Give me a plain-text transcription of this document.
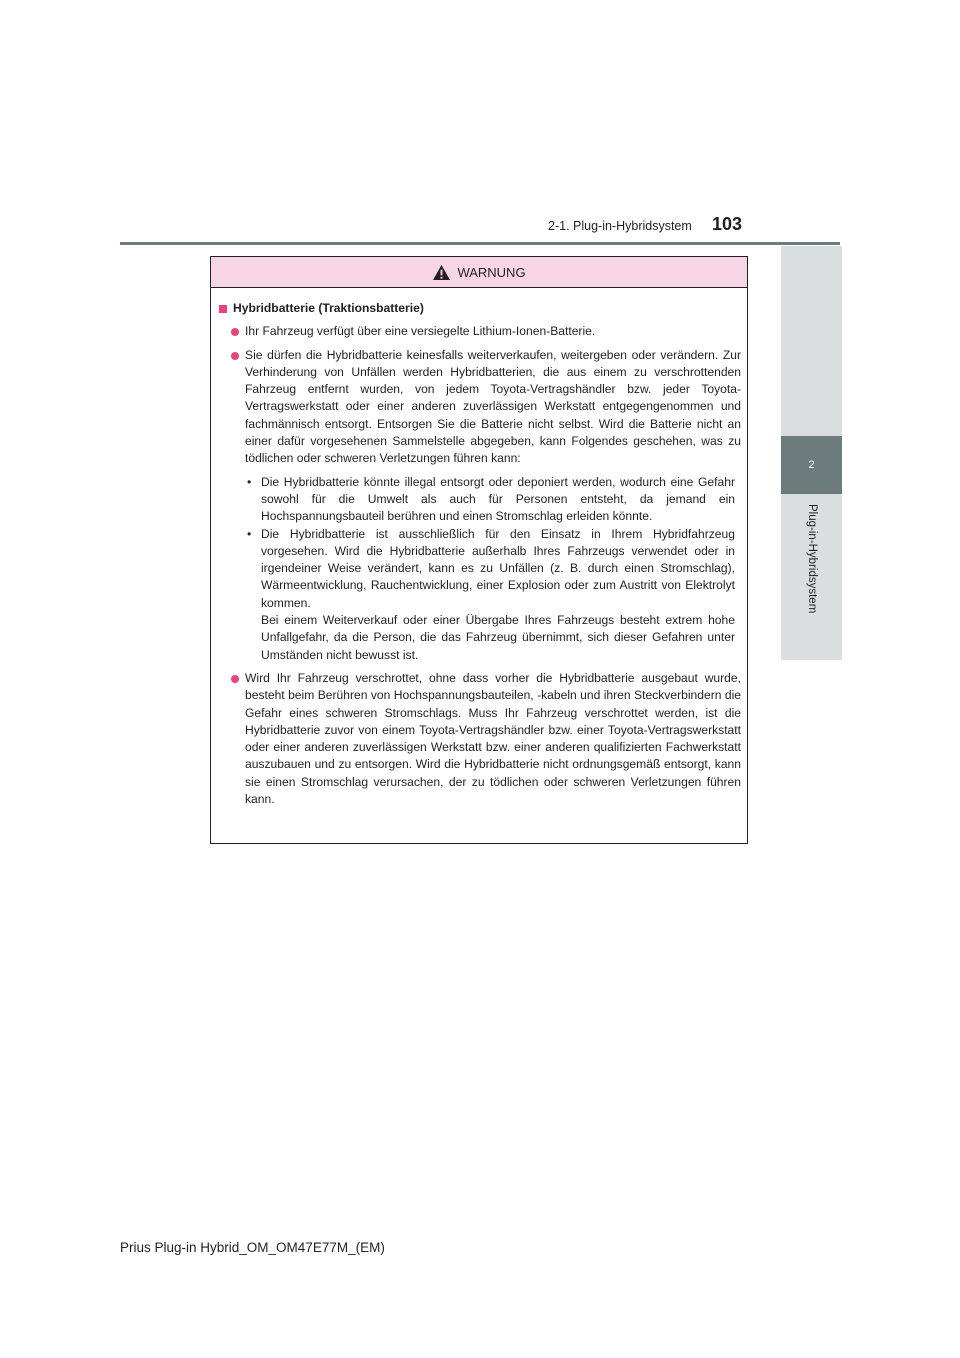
2-1. Plug-in-Hybridsystem	103
2
Plug-in-Hybridsystem
WARNUNG
Hybridbatterie (Traktionsbatterie)
Ihr Fahrzeug verfügt über eine versiegelte Lithium-Ionen-Batterie.
Sie dürfen die Hybridbatterie keinesfalls weiterverkaufen, weitergeben oder verändern. Zur Verhinderung von Unfällen werden Hybridbatterien, die aus einem zu verschrottenden Fahrzeug entfernt wurden, von jedem Toyota-Vertragshändler bzw. jeder Toyota-Vertragswerkstatt oder einer anderen zuverlässigen Werkstatt entgegengenommen und fachmännisch entsorgt. Entsorgen Sie die Batterie nicht selbst. Wird die Batterie nicht an einer dafür vorgesehenen Sammelstelle abgegeben, kann Folgendes geschehen, was zu tödlichen oder schweren Verletzungen führen kann:
• Die Hybridbatterie könnte illegal entsorgt oder deponiert werden, wodurch eine Gefahr sowohl für die Umwelt als auch für Personen entsteht, da jemand ein Hochspannungsbauteil berühren und einen Stromschlag erleiden könnte.
• Die Hybridbatterie ist ausschließlich für den Einsatz in Ihrem Hybridfahrzeug vorgesehen. Wird die Hybridbatterie außerhalb Ihres Fahrzeugs verwendet oder in irgendeiner Weise verändert, kann es zu Unfällen (z. B. durch einen Stromschlag), Wärmeentwicklung, Rauchentwicklung, einer Explosion oder zum Austritt von Elektrolyt kommen.
Bei einem Weiterverkauf oder einer Übergabe Ihres Fahrzeugs besteht extrem hohe Unfallgefahr, da die Person, die das Fahrzeug übernimmt, sich dieser Gefahren unter Umständen nicht bewusst ist.
Wird Ihr Fahrzeug verschrottet, ohne dass vorher die Hybridbatterie ausgebaut wurde, besteht beim Berühren von Hochspannungsbauteilen, -kabeln und ihren Steckverbindern die Gefahr eines schweren Stromschlags. Muss Ihr Fahrzeug verschrottet werden, ist die Hybridbatterie zuvor von einem Toyota-Vertragshändler bzw. einer Toyota-Vertragswerkstatt oder einer anderen zuverlässigen Werkstatt bzw. einer anderen qualifizierten Fachwerkstatt auszubauen und zu entsorgen. Wird die Hybridbatterie nicht ordnungsgemäß entsorgt, kann sie einen Stromschlag verursachen, der zu tödlichen oder schweren Verletzungen führen kann.
Prius Plug-in Hybrid_OM_OM47E77M_(EM)
